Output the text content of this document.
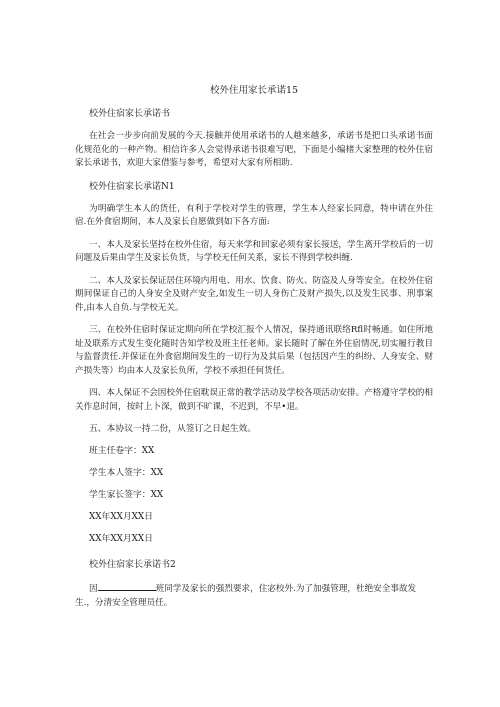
校外住用家长承诺15

校外住宿家长承诺书

在社会一步步向前发展的今天.接触并使用承诺书的人越来越多，承诺书是把口头承诺书面化规范化的一种产物。相信许多人会觉得承诺书很难写吧，下面是小编楮大家整理的校外住宿家长承诺书，欢迎大家借鉴与参考，希望对大家有所相助.

校外住宿家长承诺N1

为明确学生本人的货任，有利于学校对学生的管理，学生本人经家长同意，特申请在外住宿.在外食宿期间，本人及家长自愿做到如下各方面:

一、本人及家长坚持在校外住宿，每天来学和回家必须有家长接送，学生离开学校后的一切问题及后果由学生及家长负货，与学校无任何关系，家长不得到学校纠缠.

二、本人及家长保证居住环境内用电、用水、饮食、防火、防盗及人身等安全。在校外住宿期间保证自己的人身安全及财产安全,如发生一切人身伤亡及财产损失,以及发生民事、刑事案件,由本人自负.与学校无关。

三、在校外住宿时保证定期向所在学校汇报个人情况，保持通讯联络Rfl时畅通。如住所地址及联系方式发生变化随时告知学校及班主任老师。家长随时了解在外住宿情况,切实履行教目与监督责任.并保证在外食宿期间发生的一切行为及其后果（包括因产生的纠纷、人身安全、财产损失等）均由本人及家长负所，学校不承担任何货任。

四、本人保证不会因校外住宿耽误正常的教学活动及学校各项活动安排。产格遵守学校的相关作息时间，按时上卜深，做到不旷课，不迟到，不早•退。

五、本协议一持二份，从签订之日起生效。

班主任卷字：XX

学生本人签字：XX

学生家长签字：XX

XX年XX月XX日

XX年XX月XX日

校外住宿家长承诺书2

因	班同学及家长的强烈要求，住宓校外.为了加强管理，杜绝安全事故发生.，分清安全管理员任。
